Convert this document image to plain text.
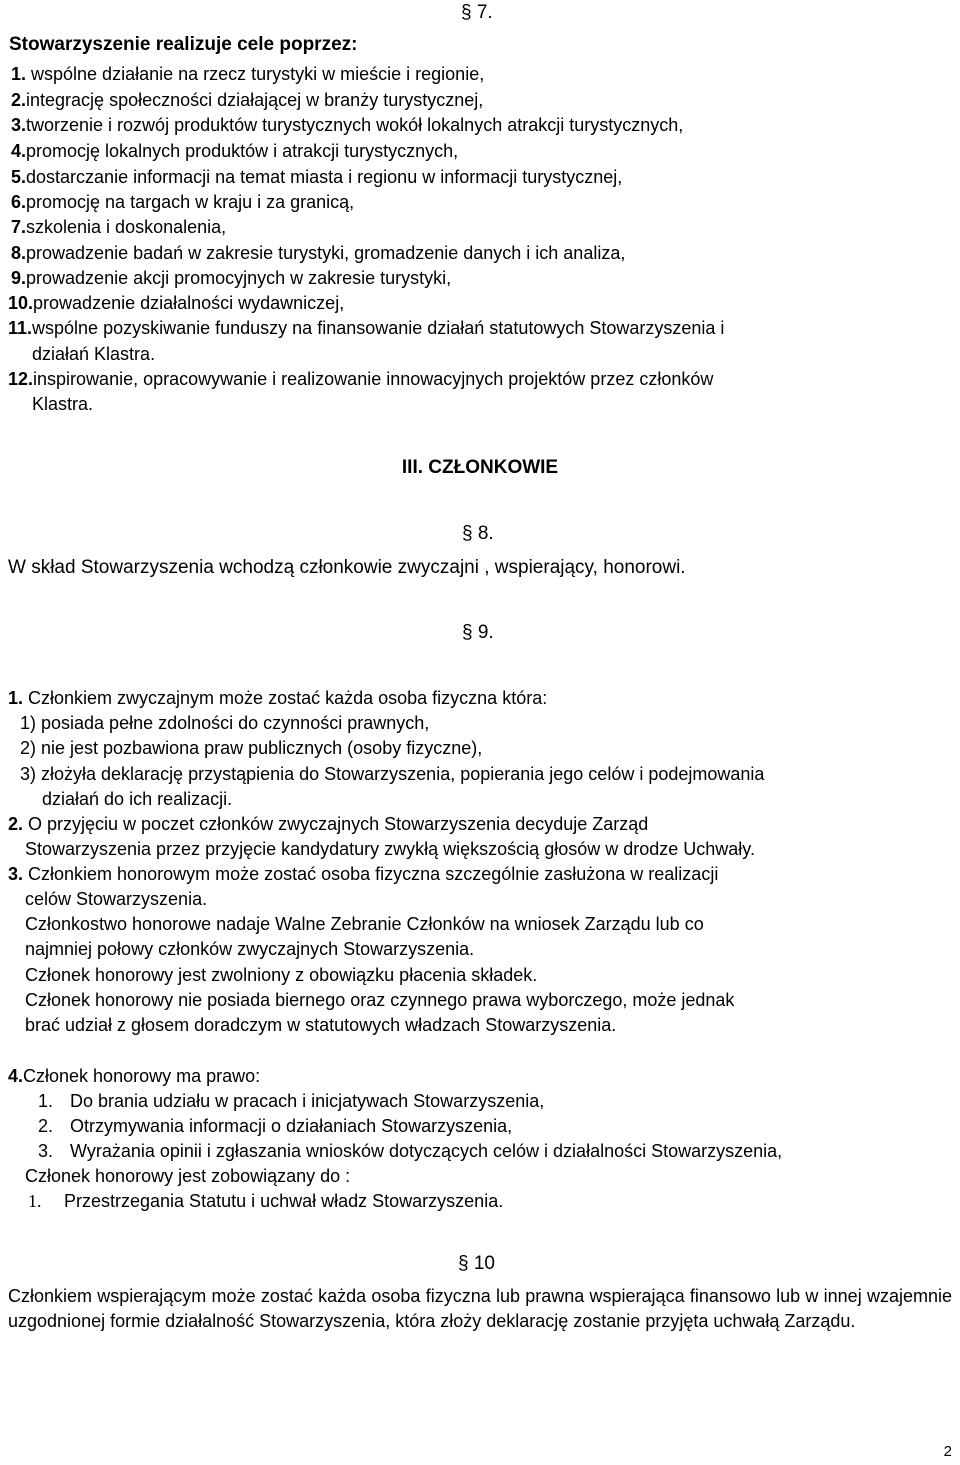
§ 7.
Stowarzyszenie realizuje cele poprzez:
1. wspólne działanie na rzecz turystyki w mieście i regionie,
2.integrację społeczności działającej w branży turystycznej,
3.tworzenie i rozwój produktów turystycznych wokół lokalnych atrakcji turystycznych,
4.promocję lokalnych produktów i atrakcji turystycznych,
5.dostarczanie informacji na temat miasta i regionu w informacji turystycznej,
6.promocję na targach w kraju i za granicą,
7.szkolenia i doskonalenia,
8.prowadzenie badań w zakresie turystyki, gromadzenie danych i ich analiza,
9.prowadzenie akcji promocyjnych w zakresie turystyki,
10.prowadzenie działalności wydawniczej,
11.wspólne pozyskiwanie funduszy na finansowanie działań statutowych Stowarzyszenia i
działań Klastra.
12.inspirowanie, opracowywanie i realizowanie innowacyjnych projektów przez członków
Klastra.
III. CZŁONKOWIE
§ 8.
W skład Stowarzyszenia wchodzą członkowie zwyczajni , wspierający, honorowi.
§ 9.
1. Członkiem zwyczajnym może zostać każda osoba fizyczna która:
1) posiada pełne zdolności do czynności prawnych,
2) nie jest pozbawiona praw publicznych (osoby fizyczne),
3) złożyła deklarację przystąpienia do Stowarzyszenia, popierania jego celów i podejmowania
działań do ich realizacji.
2. O przyjęciu w poczet członków zwyczajnych Stowarzyszenia decyduje Zarząd
Stowarzyszenia przez przyjęcie kandydatury zwykłą większością głosów w drodze Uchwały.
3. Członkiem honorowym może zostać osoba fizyczna szczególnie zasłużona w realizacji
celów Stowarzyszenia.
Członkostwo honorowe nadaje Walne Zebranie Członków na wniosek Zarządu lub co
najmniej połowy członków zwyczajnych Stowarzyszenia.
Członek honorowy jest zwolniony z obowiązku płacenia składek.
Członek honorowy nie posiada biernego oraz czynnego prawa wyborczego, może jednak
brać udział z głosem doradczym w statutowych władzach Stowarzyszenia.
4.Członek honorowy ma prawo:
1. Do brania udziału w pracach i inicjatywach Stowarzyszenia,
2. Otrzymywania informacji o działaniach Stowarzyszenia,
3. Wyrażania opinii i zgłaszania wniosków dotyczących celów i działalności Stowarzyszenia,
Członek honorowy jest zobowiązany do :
1. Przestrzegania Statutu i uchwał władz Stowarzyszenia.
§ 10
Członkiem wspierającym może zostać każda osoba fizyczna lub prawna wspierająca finansowo lub w innej wzajemnie uzgodnionej formie działalność Stowarzyszenia, która złoży deklarację zostanie przyjęta uchwałą Zarządu.
2
